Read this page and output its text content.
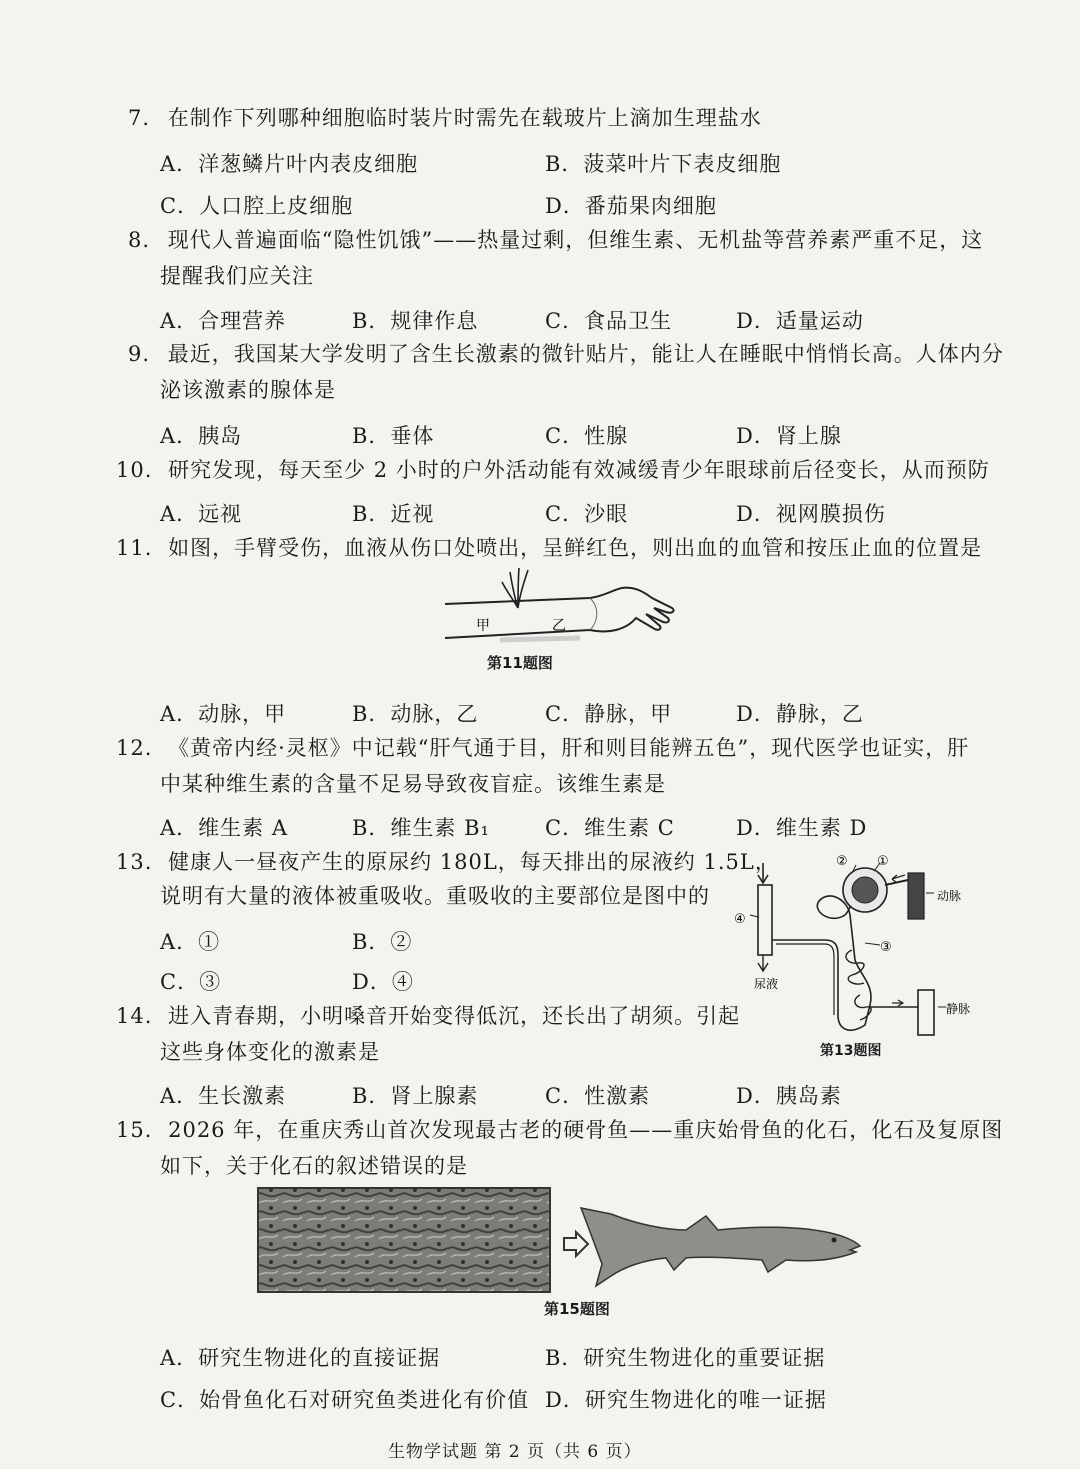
7. 在制作下列哪种细胞临时装片时需先在载玻片上滴加生理盐水
A．洋葱鳞片叶内表皮细胞	B．菠菜叶片下表皮细胞
C．人口腔上皮细胞	D．番茄果肉细胞
8. 现代人普遍面临“隐性饥饿”——热量过剩，但维生素、无机盐等营养素严重不足，这
提醒我们应关注
A．合理营养	B．规律作息	C．食品卫生	D．适量运动
9. 最近，我国某大学发明了含生长激素的微针贴片，能让人在睡眠中悄悄长高。人体内分
泌该激素的腺体是
A．胰岛	B．垂体	C．性腺	D．肾上腺
10. 研究发现，每天至少 2 小时的户外活动能有效减缓青少年眼球前后径变长，从而预防
A．远视	B．近视	C．沙眼	D．视网膜损伤
11. 如图，手臂受伤，血液从伤口处喷出，呈鲜红色，则出血的血管和按压止血的位置是
甲	乙
第11题图
A．动脉，甲	B．动脉，乙	C．静脉，甲	D．静脉，乙
12. 《黄帝内经·灵枢》中记载“肝气通于目，肝和则目能辨五色”，现代医学也证实，肝
中某种维生素的含量不足易导致夜盲症。该维生素是
A．维生素 A	B．维生素 B₁	C．维生素 C	D．维生素 D
13. 健康人一昼夜产生的原尿约 180L，每天排出的尿液约 1.5L，
说明有大量的液体被重吸收。重吸收的主要部位是图中的
A．①	B．②
C．③	D．④
② ①
④
③
动脉
尿液
静脉
第13题图
14. 进入青春期，小明嗓音开始变得低沉，还长出了胡须。引起
这些身体变化的激素是
A．生长激素	B．肾上腺素	C．性激素	D．胰岛素
15. 2026 年，在重庆秀山首次发现最古老的硬骨鱼——重庆始骨鱼的化石，化石及复原图
如下，关于化石的叙述错误的是
第15题图
A．研究生物进化的直接证据	B．研究生物进化的重要证据
C．始骨鱼化石对研究鱼类进化有价值 D．研究生物进化的唯一证据
生物学试题 第 2 页（共 6 页）
